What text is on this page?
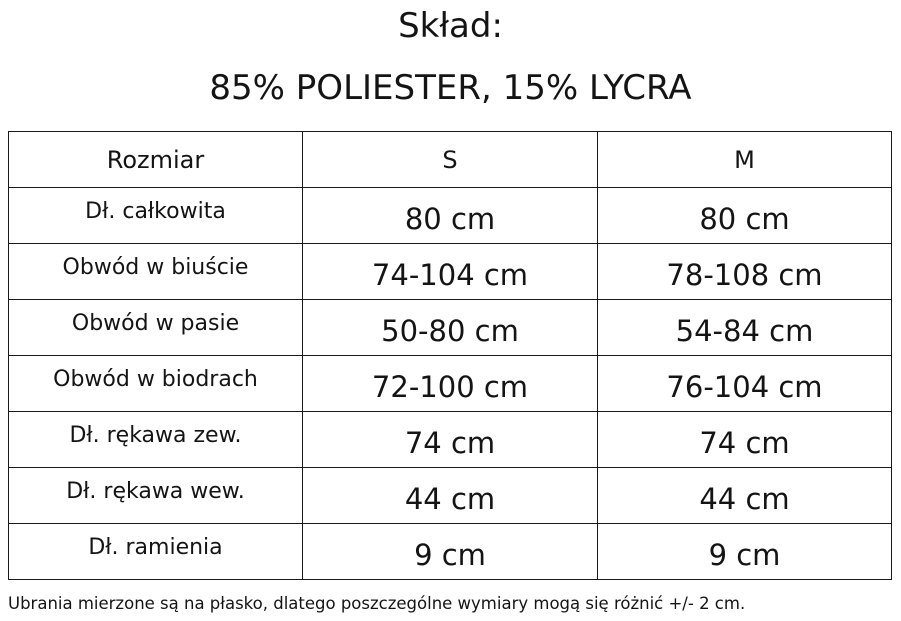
Skład:
85% POLIESTER, 15% LYCRA
Rozmiar	S	M
Dł. całkowita	80 cm	80 cm
Obwód w biuście	74-104 cm	78-108 cm
Obwód w pasie	50-80 cm	54-84 cm
Obwód w biodrach	72-100 cm	76-104 cm
Dł. rękawa zew.	74 cm	74 cm
Dł. rękawa wew.	44 cm	44 cm
Dł. ramienia	9 cm	9 cm

Ubrania mierzone są na płasko, dlatego poszczególne wymiary mogą się różnić +/- 2 cm.
